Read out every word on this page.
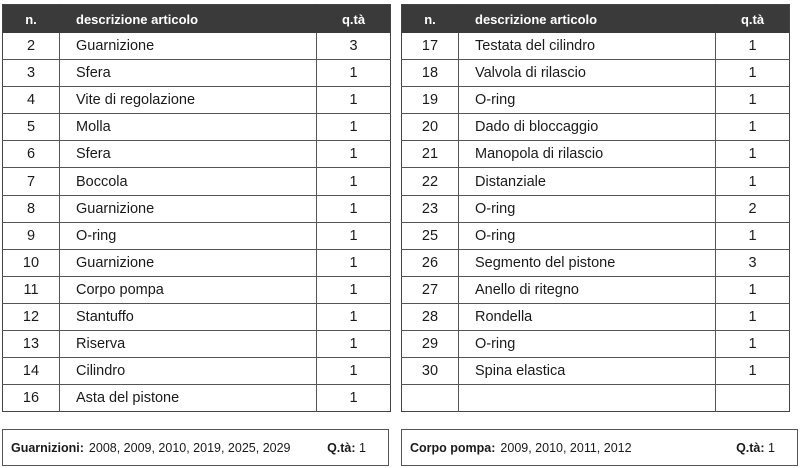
n.	descrizione articolo	q.tà
2	Guarnizione	3
3	Sfera	1
4	Vite di regolazione	1
5	Molla	1
6	Sfera	1
7	Boccola	1
8	Guarnizione	1
9	O-ring	1
10	Guarnizione	1
11	Corpo pompa	1
12	Stantuffo	1
13	Riserva	1
14	Cilindro	1
16	Asta del pistone	1
n.	descrizione articolo	q.tà
17	Testata del cilindro	1
18	Valvola di rilascio	1
19	O-ring	1
20	Dado di bloccaggio	1
21	Manopola di rilascio	1
22	Distanziale	1
23	O-ring	2
25	O-ring	1
26	Segmento del pistone	3
27	Anello di ritegno	1
28	Rondella	1
29	O-ring	1
30	Spina elastica	1

Guarnizioni: 2008, 2009, 2010, 2019, 2025, 2029	Q.tà: 1	Corpo pompa: 2009, 2010, 2011, 2012	Q.tà: 1
